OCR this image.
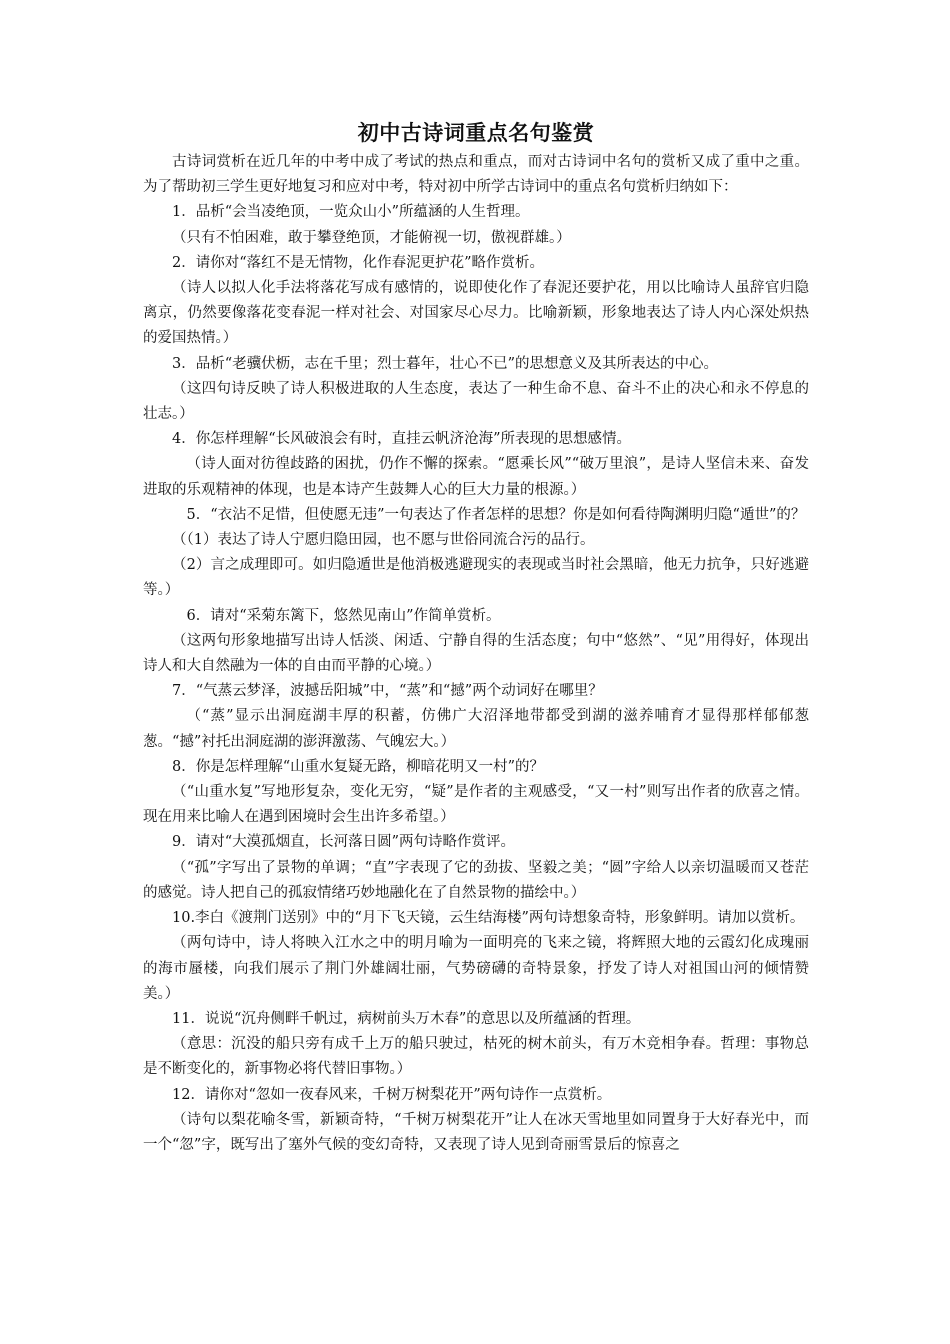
初中古诗词重点名句鉴赏

古诗词赏析在近几年的中考中成了考试的热点和重点，而对古诗词中名句的赏析又成了重中之重。为了帮助初三学生更好地复习和应对中考，特对初中所学古诗词中的重点名句赏析归纳如下：

1．品析“会当凌绝顶，一览众山小”所蕴涵的人生哲理。

（只有不怕困难，敢于攀登绝顶，才能俯视一切，傲视群雄。）

2．请你对“落红不是无情物，化作春泥更护花”略作赏析。

（诗人以拟人化手法将落花写成有感情的，说即使化作了春泥还要护花，用以比喻诗人虽辞官归隐离京，仍然要像落花变春泥一样对社会、对国家尽心尽力。比喻新颖，形象地表达了诗人内心深处炽热的爱国热情。）

3．品析“老骥伏枥，志在千里；烈士暮年，壮心不已”的思想意义及其所表达的中心。

（这四句诗反映了诗人积极进取的人生态度，表达了一种生命不息、奋斗不止的决心和永不停息的壮志。）

4．你怎样理解“长风破浪会有时，直挂云帆济沧海”所表现的思想感情。

（诗人面对彷徨歧路的困扰，仍作不懈的探索。“愿乘长风”“破万里浪”，是诗人坚信未来、奋发进取的乐观精神的体现，也是本诗产生鼓舞人心的巨大力量的根源。）

5．“衣沾不足惜，但使愿无违”一句表达了作者怎样的思想？你是如何看待陶渊明归隐“遁世”的？

（（1）表达了诗人宁愿归隐田园，也不愿与世俗同流合污的品行。

（2）言之成理即可。如归隐遁世是他消极逃避现实的表现或当时社会黑暗，他无力抗争，只好逃避等。）

6．请对“采菊东篱下，悠然见南山”作简单赏析。

（这两句形象地描写出诗人恬淡、闲适、宁静自得的生活态度；句中“悠然”、“见”用得好，体现出诗人和大自然融为一体的自由而平静的心境。）

7．“气蒸云梦泽，波撼岳阳城”中，“蒸”和“撼”两个动词好在哪里？

（“蒸”显示出洞庭湖丰厚的积蓄，仿佛广大沼泽地带都受到湖的滋养哺育才显得那样郁郁葱葱。“撼”衬托出洞庭湖的澎湃激荡、气魄宏大。）

8．你是怎样理解“山重水复疑无路，柳暗花明又一村”的？

（“山重水复”写地形复杂，变化无穷，“疑”是作者的主观感受，“又一村”则写出作者的欣喜之情。现在用来比喻人在遇到困境时会生出许多希望。）

9．请对“大漠孤烟直，长河落日圆”两句诗略作赏评。

（“孤”字写出了景物的单调；“直”字表现了它的劲拔、坚毅之美；“圆”字给人以亲切温暖而又苍茫的感觉。诗人把自己的孤寂情绪巧妙地融化在了自然景物的描绘中。）

10.李白《渡荆门送别》中的“月下飞天镜，云生结海楼”两句诗想象奇特，形象鲜明。请加以赏析。

（两句诗中，诗人将映入江水之中的明月喻为一面明亮的飞来之镜，将辉照大地的云霞幻化成瑰丽的海市蜃楼，向我们展示了荆门外雄阔壮丽，气势磅礴的奇特景象，抒发了诗人对祖国山河的倾情赞美。）

11．说说“沉舟侧畔千帆过，病树前头万木春”的意思以及所蕴涵的哲理。

（意思：沉没的船只旁有成千上万的船只驶过，枯死的树木前头，有万木竞相争春。哲理：事物总是不断变化的，新事物必将代替旧事物。）

12．请你对“忽如一夜春风来，千树万树梨花开”两句诗作一点赏析。

（诗句以梨花喻冬雪，新颖奇特，“千树万树梨花开”让人在冰天雪地里如同置身于大好春光中，而一个“忽”字，既写出了塞外气候的变幻奇特，又表现了诗人见到奇丽雪景后的惊喜之
